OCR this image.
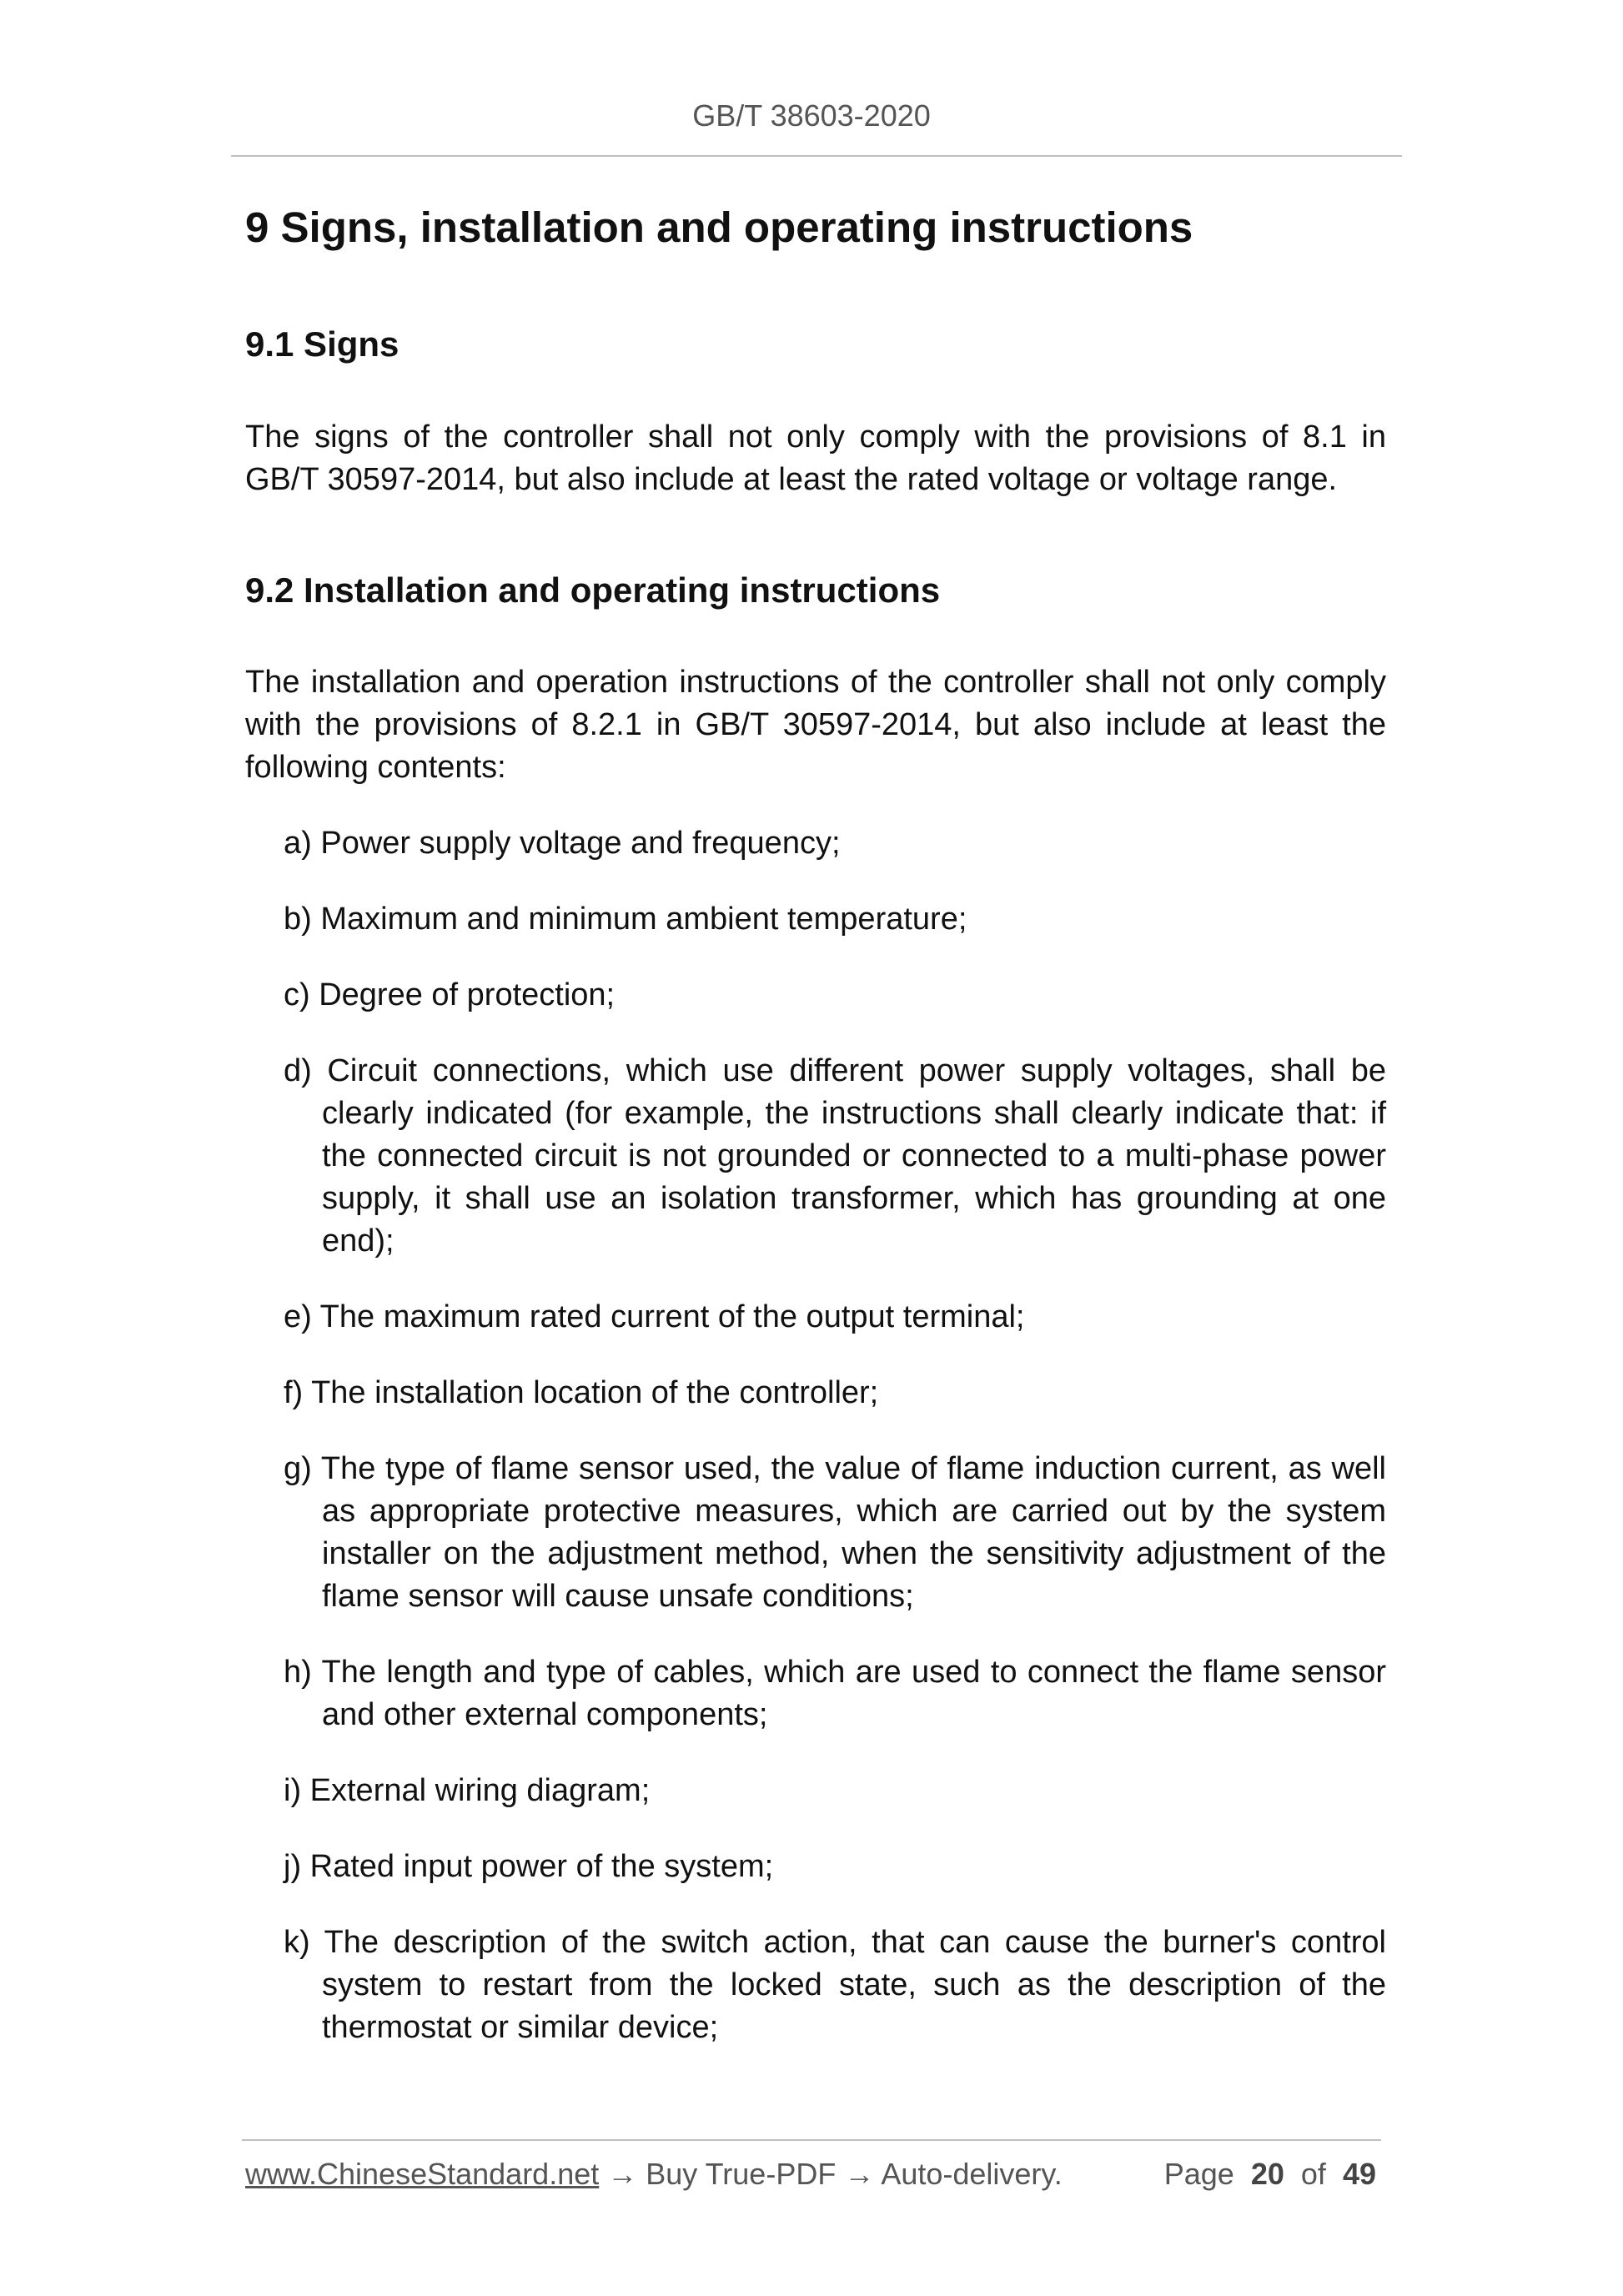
GB/T 38603-2020
9 Signs, installation and operating instructions
9.1 Signs

The signs of the controller shall not only comply with the provisions of 8.1 in GB/T 30597-2014, but also include at least the rated voltage or voltage range.

9.2 Installation and operating instructions

The installation and operation instructions of the controller shall not only comply with the provisions of 8.2.1 in GB/T 30597-2014, but also include at least the following contents:

a) Power supply voltage and frequency;
b) Maximum and minimum ambient temperature;
c) Degree of protection;
d) Circuit connections, which use different power supply voltages, shall be clearly indicated (for example, the instructions shall clearly indicate that: if the connected circuit is not grounded or connected to a multi-phase power supply, it shall use an isolation transformer, which has grounding at one end);
e) The maximum rated current of the output terminal;
f) The installation location of the controller;
g) The type of flame sensor used, the value of flame induction current, as well as appropriate protective measures, which are carried out by the system installer on the adjustment method, when the sensitivity adjustment of the flame sensor will cause unsafe conditions;
h) The length and type of cables, which are used to connect the flame sensor and other external components;
i) External wiring diagram;
j) Rated input power of the system;
k) The description of the switch action, that can cause the burner's control system to restart from the locked state, such as the description of the thermostat or similar device;
www.ChineseStandard.net → Buy True-PDF → Auto-delivery.	Page 20 of 49
